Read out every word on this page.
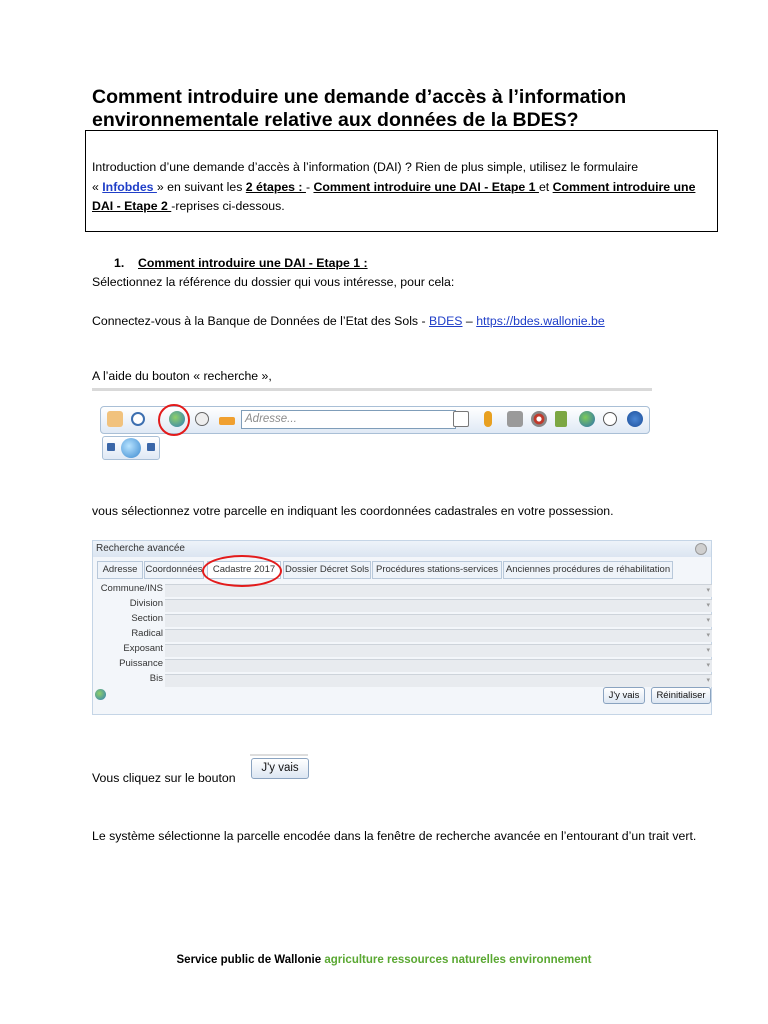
Comment introduire une demande d’accès à l’information environnementale relative aux données de la BDES?
Introduction d’une demande d’accès à l’information (DAI) ? Rien de plus simple, utilisez le formulaire
« Infobdes » en suivant les 2 étapes : - Comment introduire une DAI - Etape 1 et Comment introduire une DAI - Etape 2 -reprises ci-dessous.
1. Comment introduire une DAI - Etape 1 :
Sélectionnez la référence du dossier qui vous intéresse, pour cela:
Connectez-vous à la Banque de Données de l’Etat des Sols - BDES – https://bdes.wallonie.be
A l’aide du bouton « recherche »,
Adresse...
vous sélectionnez votre parcelle en indiquant les coordonnées cadastrales en votre possession.
Recherche avancée
Adresse Coordonnées	Cadastre 2017	Dossier Décret Sols Procédures stations-services Anciennes procédures de réhabilitation
Commune/INS	▾
Division	▾
Section	▾
Radical	▾
Exposant	▾
Puissance	▾
Bis	▾
J'y vais	Réinitialiser
Vous cliquez sur le bouton
J'y vais
Le système sélectionne la parcelle encodée dans la fenêtre de recherche avancée en l’entourant d’un trait vert.
Service public de Wallonie agriculture ressources naturelles environnement
